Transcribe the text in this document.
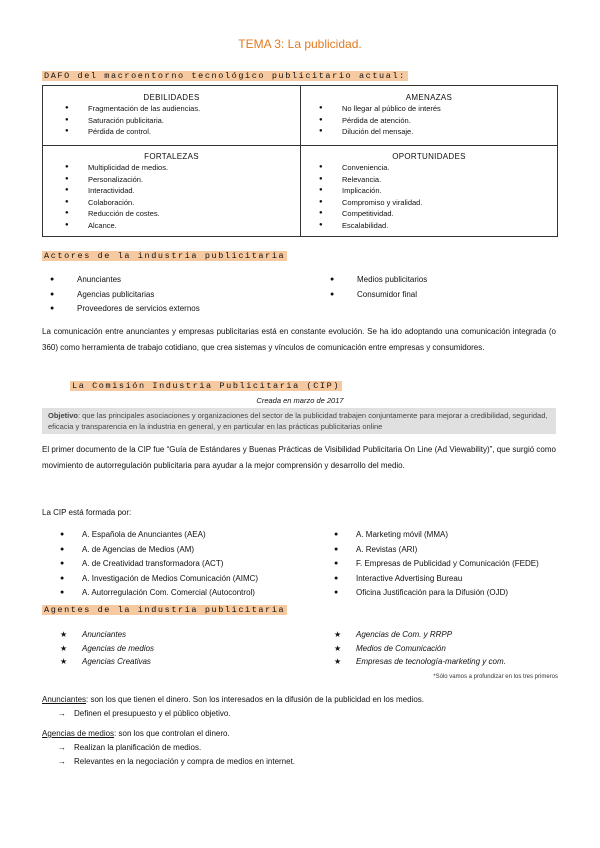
TEMA 3: La publicidad.
DAFO del macroentorno tecnológico publicitario actual:
DEBILIDADES
● Fragmentación de las audiencias.
● Saturación publicitaria.
● Pérdida de control.
AMENAZAS
● No llegar al público de interés
● Pérdida de atención.
● Dilución del mensaje.
FORTALEZAS
● Multiplicidad de medios.
● Personalización.
● Interactividad.
● Colaboración.
● Reducción de costes.
● Alcance.
OPORTUNIDADES
● Conveniencia.
● Relevancia.
● Implicación.
● Compromiso y viralidad.
● Competitividad.
● Escalabilidad.
Actores de la industria publicitaria
● Anunciantes
● Agencias publicitarias
● Proveedores de servicios externos
● Medios publicitarios
● Consumidor final

La comunicación entre anunciantes y empresas publicitarias está en constante evolución. Se ha ido adoptando una comunicación integrada (o 360) como herramienta de trabajo cotidiano, que crea sistemas y vínculos de comunicación entre empresas y consumidores.

La Comisión Industria Publicitaria (CIP)
Creada en marzo de 2017
Objetivo: que las principales asociaciones y organizaciones del sector de la publicidad trabajen conjuntamente para mejorar a credibilidad, seguridad, eficacia y transparencia en la industria en general, y en particular en las prácticas publicitarias online

El primer documento de la CIP fue “Guía de Estándares y Buenas Prácticas de Visibilidad Publicitaria On Line (Ad Viewability)”, que surgió como movimiento de autorregulación publicitaria para ayudar a la mejor comprensión y desarrollo del medio.

La CIP está formada por:

● A. Española de Anunciantes (AEA)
● A. de Agencias de Medios (AM)
● A. de Creatividad transformadora (ACT)
● A. Investigación de Medios Comunicación (AIMC)
● A. Autorregulación Com. Comercial (Autocontrol)
● A. Marketing móvil (MMA)
● A. Revistas (ARI)
● F. Empresas de Publicidad y Comunicación (FEDE)
● Interactive Advertising Bureau
● Oficina Justificación para la Difusión (OJD)
Agentes de la industria publicitaria
★ Anunciantes
★ Agencias de medios
★ Agencias Creativas
★ Agencias de Com. y RRPP
★ Medios de Comunicación
★ Empresas de tecnología-marketing y com.
*Sólo vamos a profundizar en los tres primeros

Anunciantes: son los que tienen el dinero. Son los interesados en la difusión de la publicidad en los medios.

→ Definen el presupuesto y el público objetivo.

Agencias de medios: son los que controlan el dinero.

→ Realizan la planificación de medios.
→ Relevantes en la negociación y compra de medios en internet.
